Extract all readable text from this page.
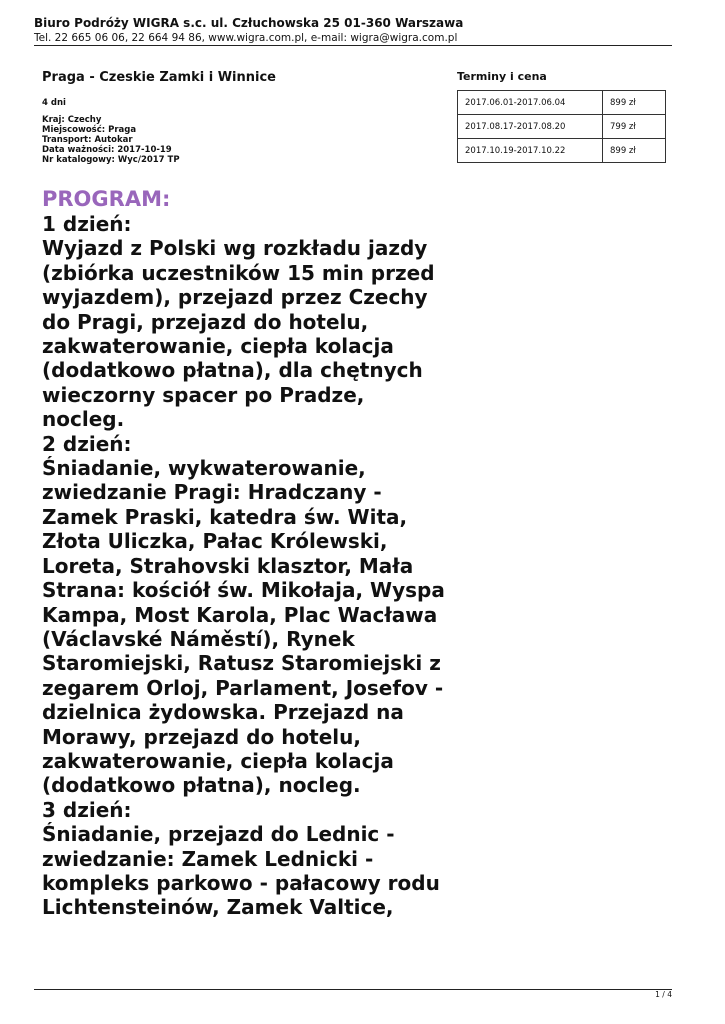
Biuro Podróży WIGRA s.c. ul. Człuchowska 25 01-360 Warszawa
Tel. 22 665 06 06, 22 664 94 86, www.wigra.com.pl, e-mail: wigra@wigra.com.pl
Praga - Czeskie Zamki i Winnice
4 dni
Kraj: Czechy
Miejscowość: Praga
Transport: Autokar
Data ważności: 2017-10-19
Nr katalogowy: Wyc/2017 TP
Terminy i cena
2017.06.01-2017.06.04	899 zł
2017.08.17-2017.08.20	799 zł
2017.10.19-2017.10.22	899 zł
PROGRAM:
1 dzień:
Wyjazd z Polski wg rozkładu jazdy
(zbiórka uczestników 15 min przed
wyjazdem), przejazd przez Czechy
do Pragi, przejazd do hotelu,
zakwaterowanie, ciepła kolacja
(dodatkowo płatna), dla chętnych
wieczorny spacer po Pradze,
nocleg.
2 dzień:
Śniadanie, wykwaterowanie,
zwiedzanie Pragi: Hradczany -
Zamek Praski, katedra św. Wita,
Złota Uliczka, Pałac Królewski,
Loreta, Strahovski klasztor, Mała
Strana: kościół św. Mikołaja, Wyspa
Kampa, Most Karola, Plac Wacława
(Václavské Náměstí), Rynek
Staromiejski, Ratusz Staromiejski z
zegarem Orloj, Parlament, Josefov -
dzielnica żydowska. Przejazd na
Morawy, przejazd do hotelu,
zakwaterowanie, ciepła kolacja
(dodatkowo płatna), nocleg.
3 dzień:
Śniadanie, przejazd do Lednic -
zwiedzanie: Zamek Lednicki -
kompleks parkowo - pałacowy rodu
Lichtensteinów, Zamek Valtice,
1 / 4
